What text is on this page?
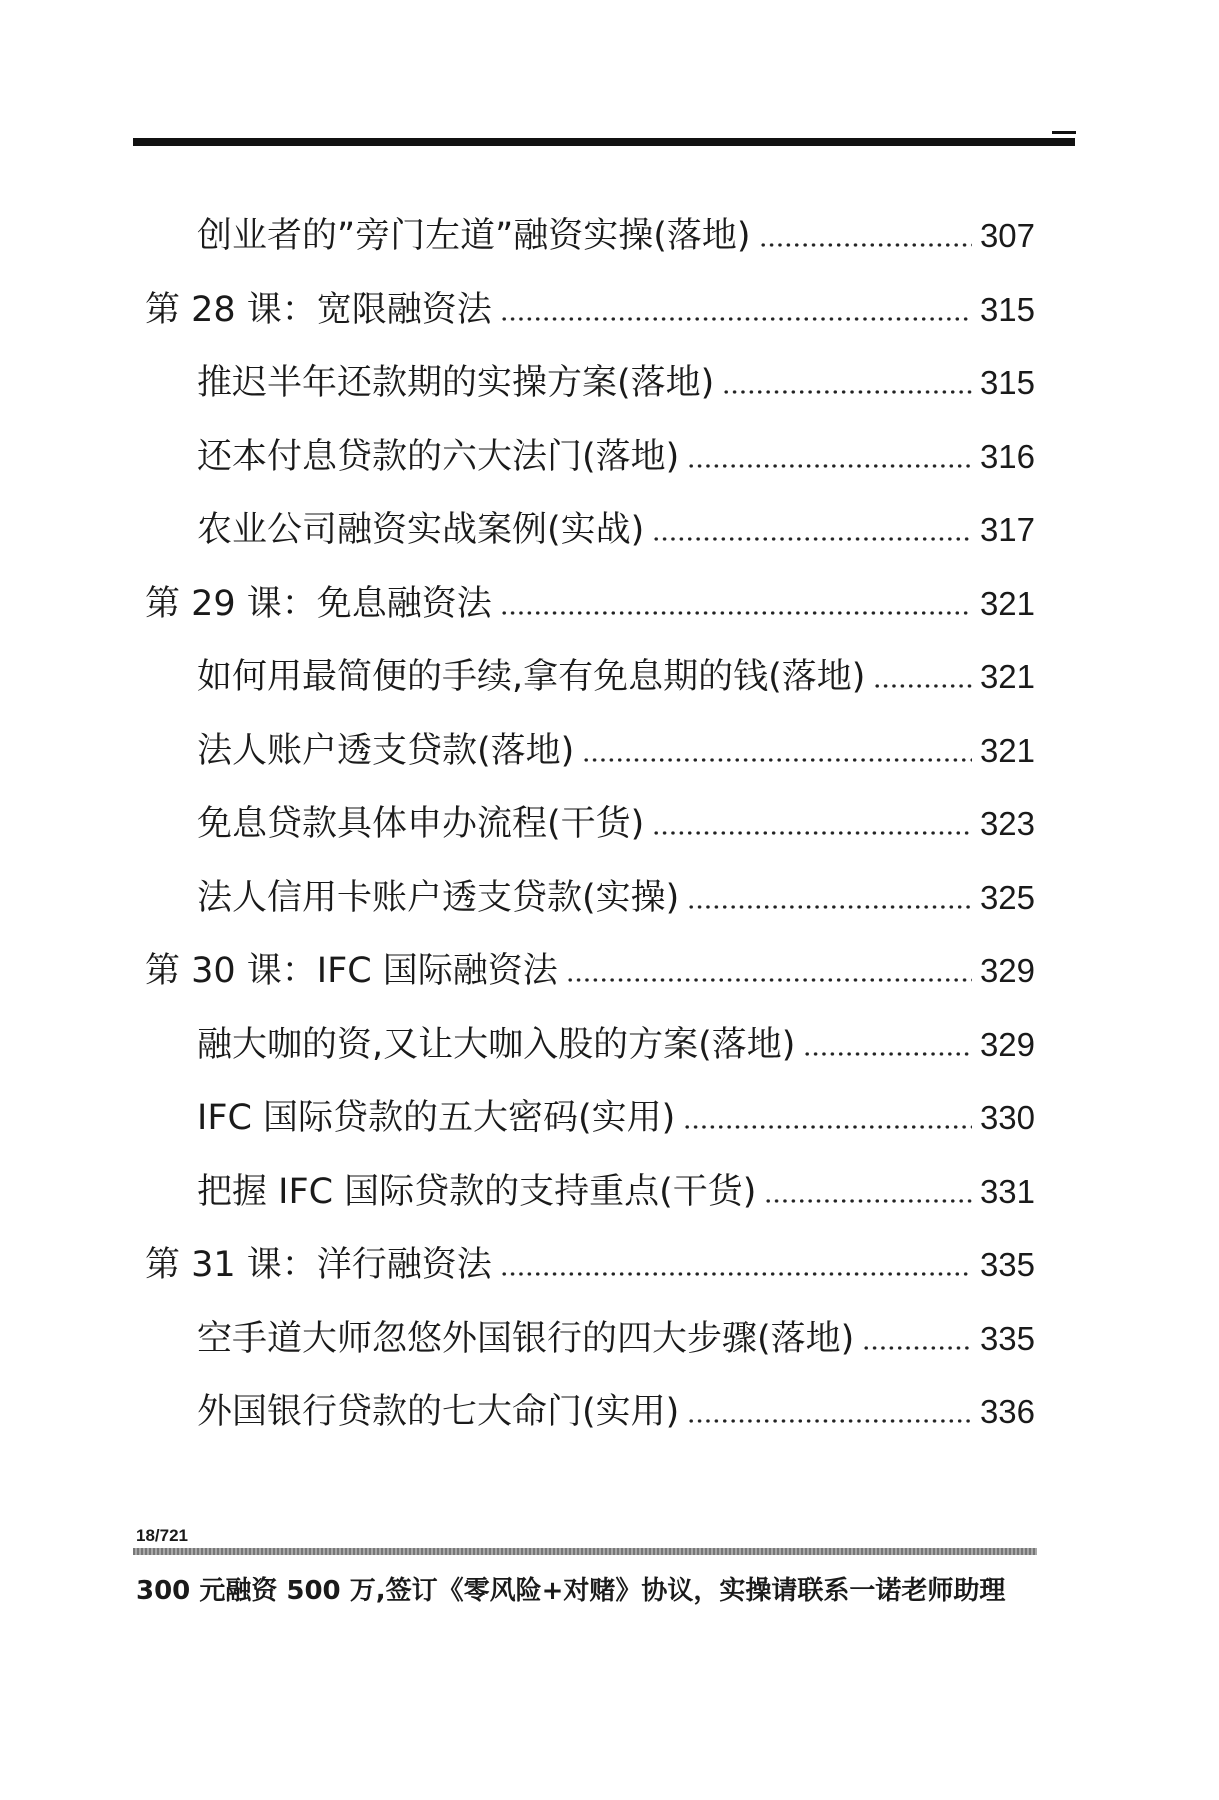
创业者的”旁门左道”融资实操(落地)	307
第 28 课：宽限融资法	315
推迟半年还款期的实操方案(落地)	315
还本付息贷款的六大法门(落地)	316
农业公司融资实战案例(实战)	317
第 29 课：免息融资法	321
如何用最简便的手续,拿有免息期的钱(落地)	321
法人账户透支贷款(落地)	321
免息贷款具体申办流程(干货)	323
法人信用卡账户透支贷款(实操)	325
第 30 课：IFC 国际融资法	329
融大咖的资,又让大咖入股的方案(落地)	329
IFC 国际贷款的五大密码(实用)	330
把握 IFC 国际贷款的支持重点(干货)	331
第 31 课：洋行融资法	335
空手道大师忽悠外国银行的四大步骤(落地)	335
外国银行贷款的七大命门(实用)	336
18/721
300 元融资 500 万,签订《零风险+对赌》协议，实操请联系一诺老师助理
